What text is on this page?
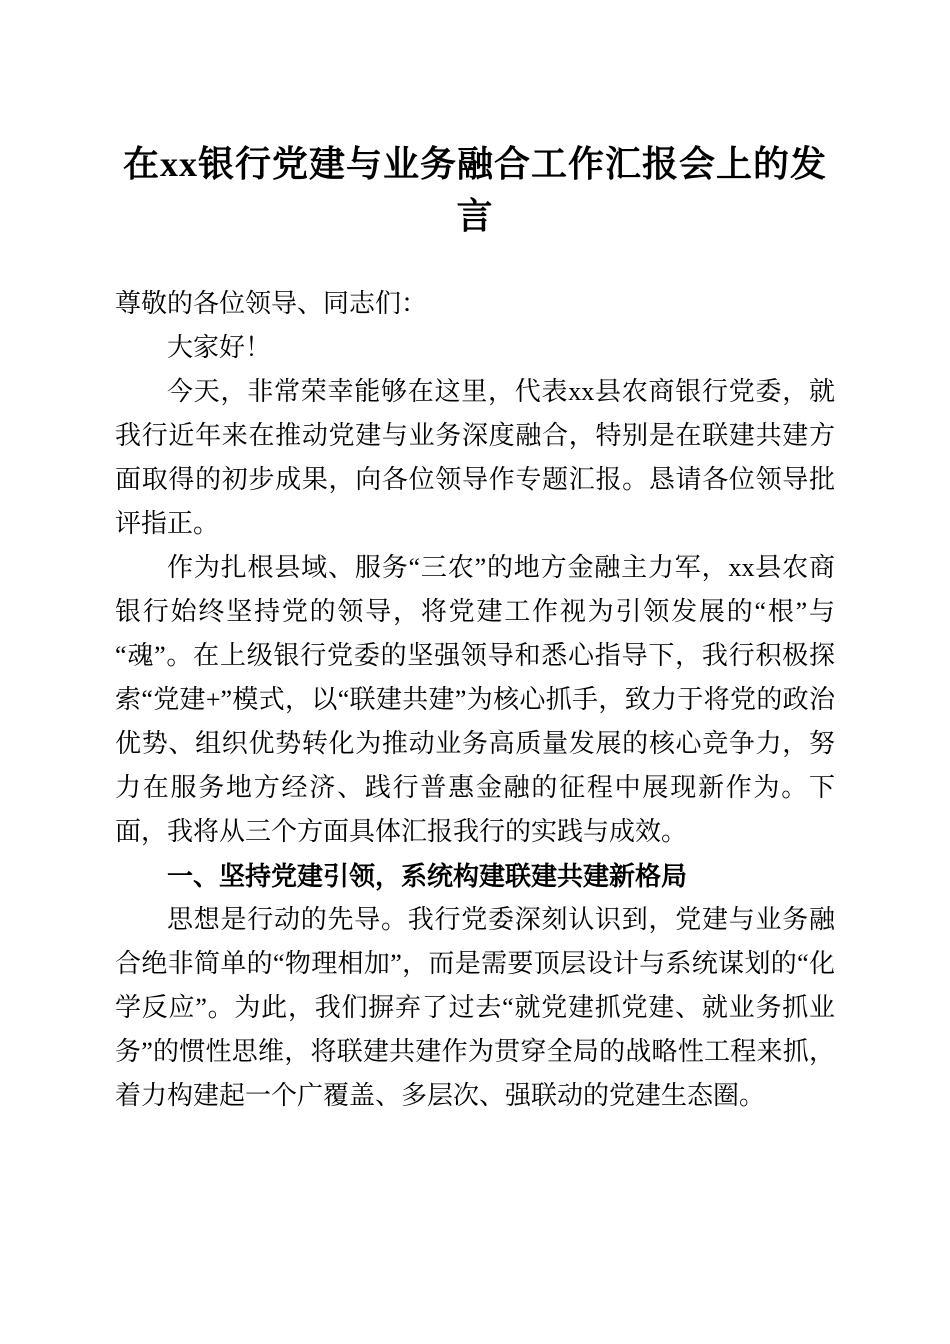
在xx银行党建与业务融合工作汇报会上的发言

尊敬的各位领导、同志们：

大家好！

今天，非常荣幸能够在这里，代表xx县农商银行党委，就我行近年来在推动党建与业务深度融合，特别是在联建共建方面取得的初步成果，向各位领导作专题汇报。恳请各位领导批评指正。

作为扎根县域、服务“三农”的地方金融主力军，xx县农商银行始终坚持党的领导，将党建工作视为引领发展的“根”与“魂”。在上级银行党委的坚强领导和悉心指导下，我行积极探索“党建+”模式，以“联建共建”为核心抓手，致力于将党的政治优势、组织优势转化为推动业务高质量发展的核心竞争力，努力在服务地方经济、践行普惠金融的征程中展现新作为。下面，我将从三个方面具体汇报我行的实践与成效。

一、坚持党建引领，系统构建联建共建新格局

思想是行动的先导。我行党委深刻认识到，党建与业务融合绝非简单的“物理相加”，而是需要顶层设计与系统谋划的“化学反应”。为此，我们摒弃了过去“就党建抓党建、就业务抓业务”的惯性思维，将联建共建作为贯穿全局的战略性工程来抓，着力构建起一个广覆盖、多层次、强联动的党建生态圈。
